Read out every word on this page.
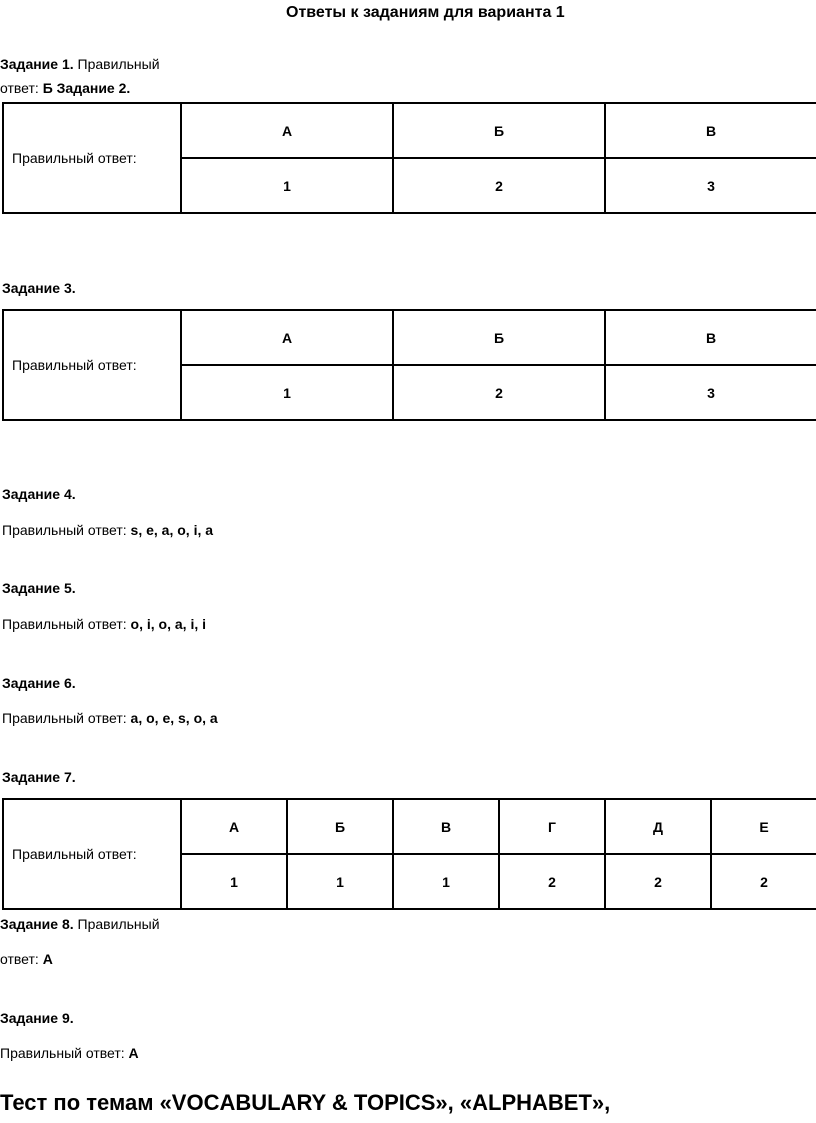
Ответы к заданиям для варианта 1
Задание 1. Правильный
ответ: Б Задание 2.
Правильный ответ:	А	Б	В
	1	2	3
Задание 3.
Правильный ответ:	А	Б	В
	1	2	3
Задание 4.
Правильный ответ: s, e, a, o, i, a
Задание 5.
Правильный ответ: o, i, o, a, i, i
Задание 6.
Правильный ответ: a, o, e, s, o, a
Задание 7.
Правильный ответ:	А	Б	В	Г	Д	Е
	1	1	1	2	2	2
Задание 8. Правильный
ответ: А
Задание 9.
Правильный ответ: А
Тест по темам «VOCABULARY & TOPICS», «ALPHABET»,
